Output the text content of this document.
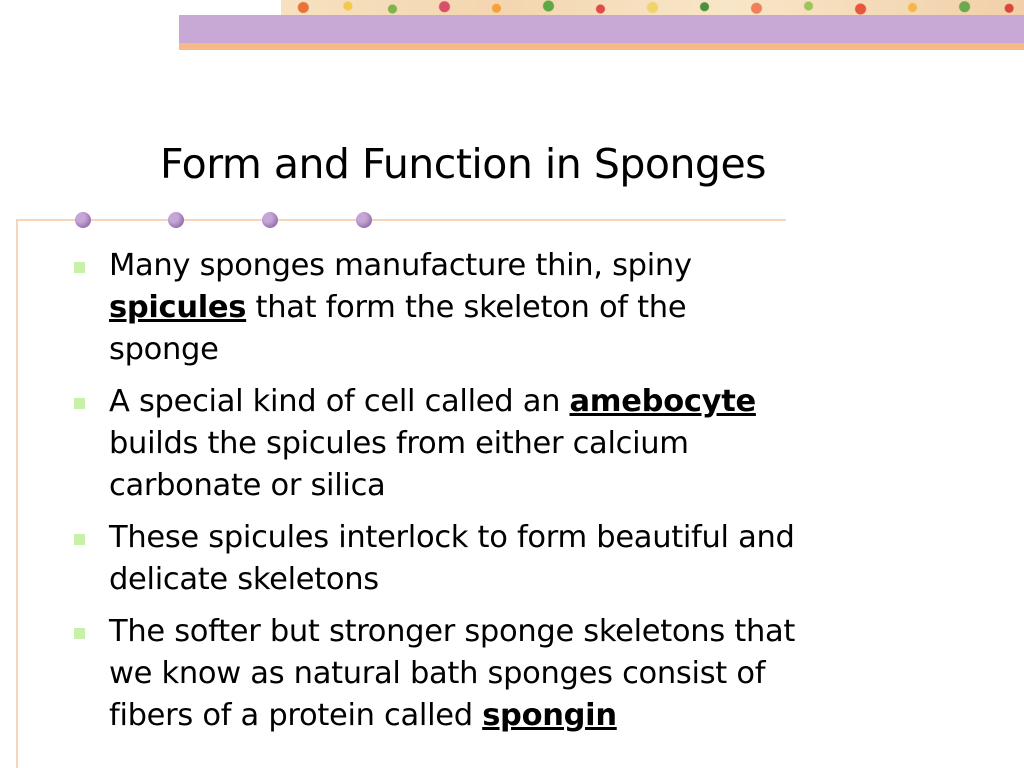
Form and Function in Sponges
Many sponges manufacture thin, spiny
spicules that form the skeleton of the
sponge
A special kind of cell called an amebocyte
builds the spicules from either calcium
carbonate or silica
These spicules interlock to form beautiful and
delicate skeletons
The softer but stronger sponge skeletons that
we know as natural bath sponges consist of
fibers of a protein called spongin
